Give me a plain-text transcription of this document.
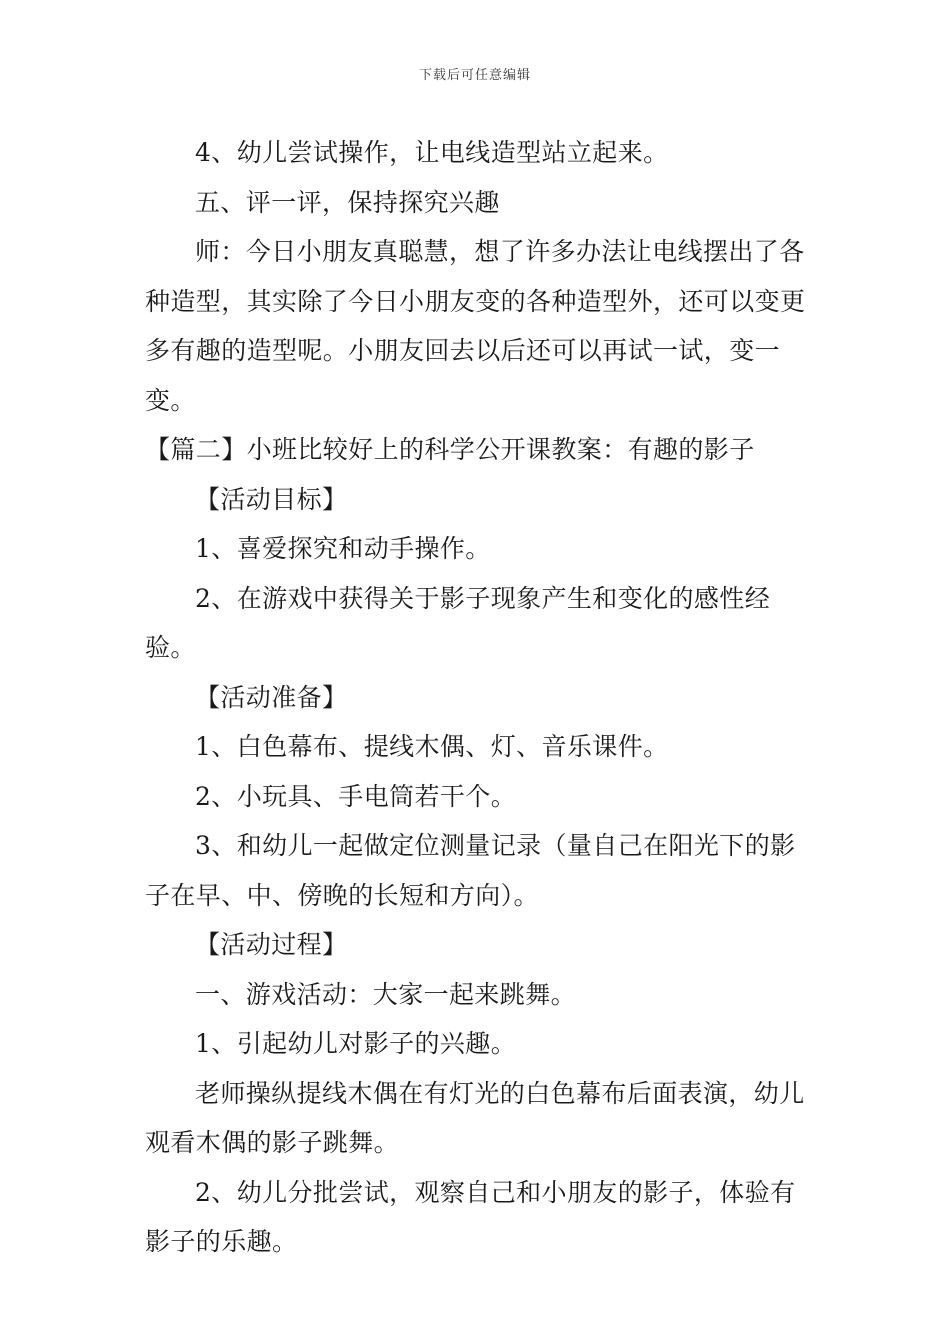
下载后可任意编辑

4、幼儿尝试操作，让电线造型站立起来。

五、评一评，保持探究兴趣

师：今日小朋友真聪慧，想了许多办法让电线摆出了各种造型，其实除了今日小朋友变的各种造型外，还可以变更多有趣的造型呢。小朋友回去以后还可以再试一试，变一变。

【篇二】小班比较好上的科学公开课教案：有趣的影子

【活动目标】

1、喜爱探究和动手操作。

2、在游戏中获得关于影子现象产生和变化的感性经验。

【活动准备】

1、白色幕布、提线木偶、灯、音乐课件。

2、小玩具、手电筒若干个。

3、和幼儿一起做定位测量记录（量自己在阳光下的影子在早、中、傍晚的长短和方向）。

【活动过程】

一、游戏活动：大家一起来跳舞。

1、引起幼儿对影子的兴趣。

老师操纵提线木偶在有灯光的白色幕布后面表演，幼儿观看木偶的影子跳舞。

2、幼儿分批尝试，观察自己和小朋友的影子，体验有影子的乐趣。
